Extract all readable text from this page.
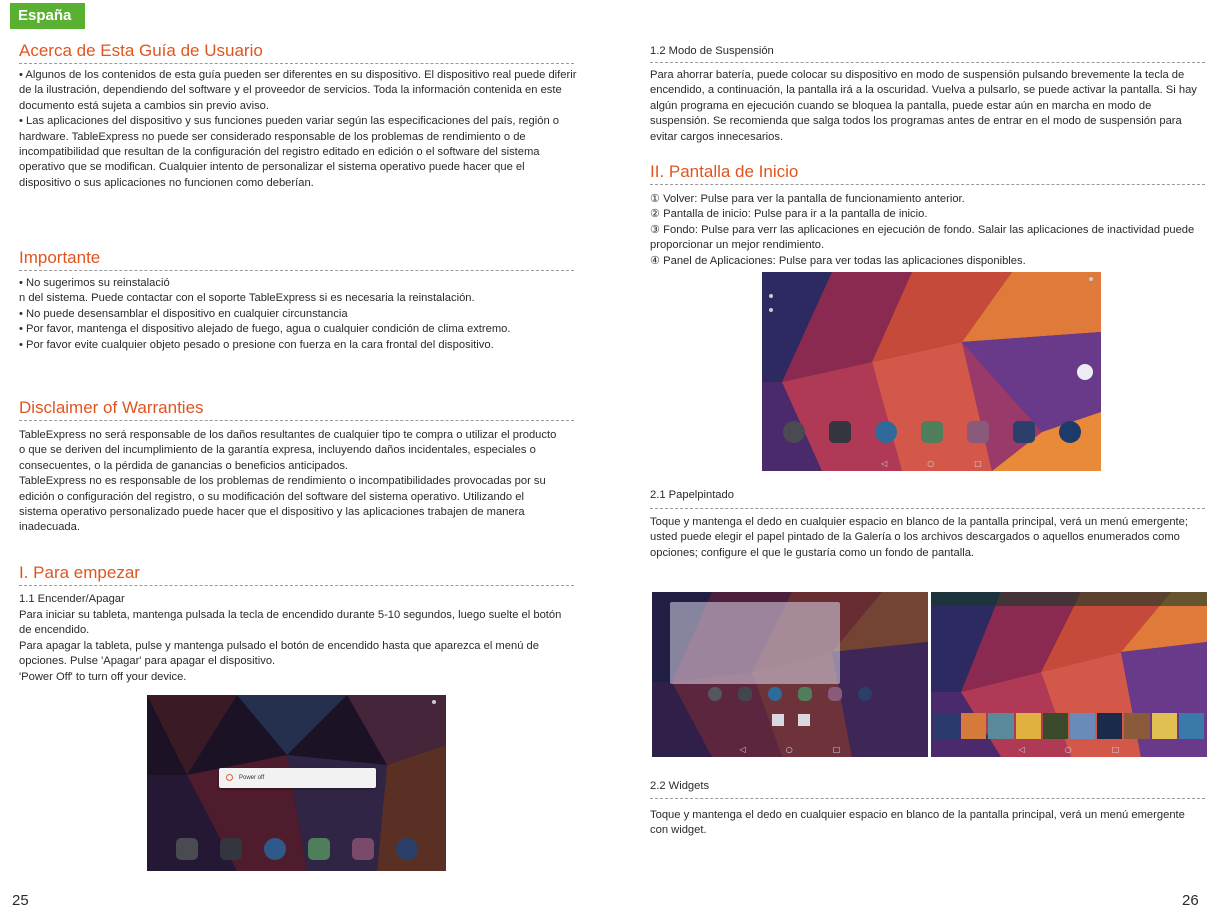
España
Acerca de Esta Guía de Usuario

• Algunos de los contenidos de esta guía pueden ser diferentes en su dispositivo. El dispositivo real puede diferir de la ilustración, dependiendo del software y el proveedor de servicios. Toda la información contenida en este documento está sujeta a cambios sin previo aviso.

• Las aplicaciones del dispositivo y sus funciones pueden variar según las especificaciones del país, región o hardware. TableExpress no puede ser considerado responsable de los problemas de rendimiento o de incompatibilidad que resultan de la configuración del registro editado en edición o el software del sistema operativo que se modifican. Cualquier intento de personalizar el sistema operativo puede hacer que el dispositivo o sus aplicaciones no funcionen como deberían.

Importante

• No sugerimos su reinstalació

n del sistema. Puede contactar con el soporte TableExpress si es necesaria la reinstalación.

• No puede desensamblar el dispositivo en cualquier circunstancia

• Por favor, mantenga el dispositivo alejado de fuego, agua o cualquier condición de clima extremo.

• Por favor evite cualquier objeto pesado o presione con fuerza en la cara frontal del dispositivo.

Disclaimer of Warranties

TableExpress no será responsable de los daños resultantes de cualquier tipo te compra o utilizar el producto o que se deriven del incumplimiento de la garantía expresa, incluyendo daños incidentales, especiales o consecuentes, o la pérdida de ganancias o beneficios anticipados.

TableExpress no es responsable de los problemas de rendimiento o incompatibilidades provocadas por su edición o configuración del registro, o su modificación del software del sistema operativo. Utilizando el sistema operativo personalizado puede hacer que el dispositivo y las aplicaciones trabajen de manera inadecuada.

I. Para empezar
1.1 Encender/Apagar

Para iniciar su tableta, mantenga pulsada la tecla de encendido durante 5-10 segundos, luego suelte el botón de encendido.

Para apagar la tableta, pulse y mantenga pulsado el botón de encendido hasta que aparezca el menú de opciones. Pulse 'Apagar' para apagar el dispositivo.

'Power Off' to turn off your device.

Power off
25
1.2 Modo de Suspensión
Para ahorrar batería, puede colocar su dispositivo en modo de suspensión pulsando brevemente la tecla de encendido, a continuación, la pantalla irá a la oscuridad. Vuelva a pulsarlo, se puede activar la pantalla. Si hay algún programa en ejecución cuando se bloquea la pantalla, puede estar aún en marcha en modo de suspensión. Se recomienda que salga todos los programas antes de entrar en el modo de suspensión para evitar cargos innecesarios.
II. Pantalla de Inicio

① Volver: Pulse para ver la pantalla de funcionamiento anterior.

② Pantalla de inicio: Pulse para ir a la pantalla de inicio.

③ Fondo: Pulse para verr las aplicaciones en ejecución de fondo. Salair las aplicaciones de inactividad puede proporcionar un mejor rendimiento.

④ Panel de Aplicaciones: Pulse para ver todas las aplicaciones disponibles.

◁	○	□
2.1 Papelpintado
Toque y mantenga el dedo en cualquier espacio en blanco de la pantalla principal, verá un menú emergente; usted puede elegir el papel pintado de la Galería o los archivos descargados o aquellos enumerados como opciones; configure el que le gustaría como un fondo de pantalla.
◁	○	□	◁	○	□
2.2 Widgets
Toque y mantenga el dedo en cualquier espacio en blanco de la pantalla principal, verá un menú emergente con widget.
26
